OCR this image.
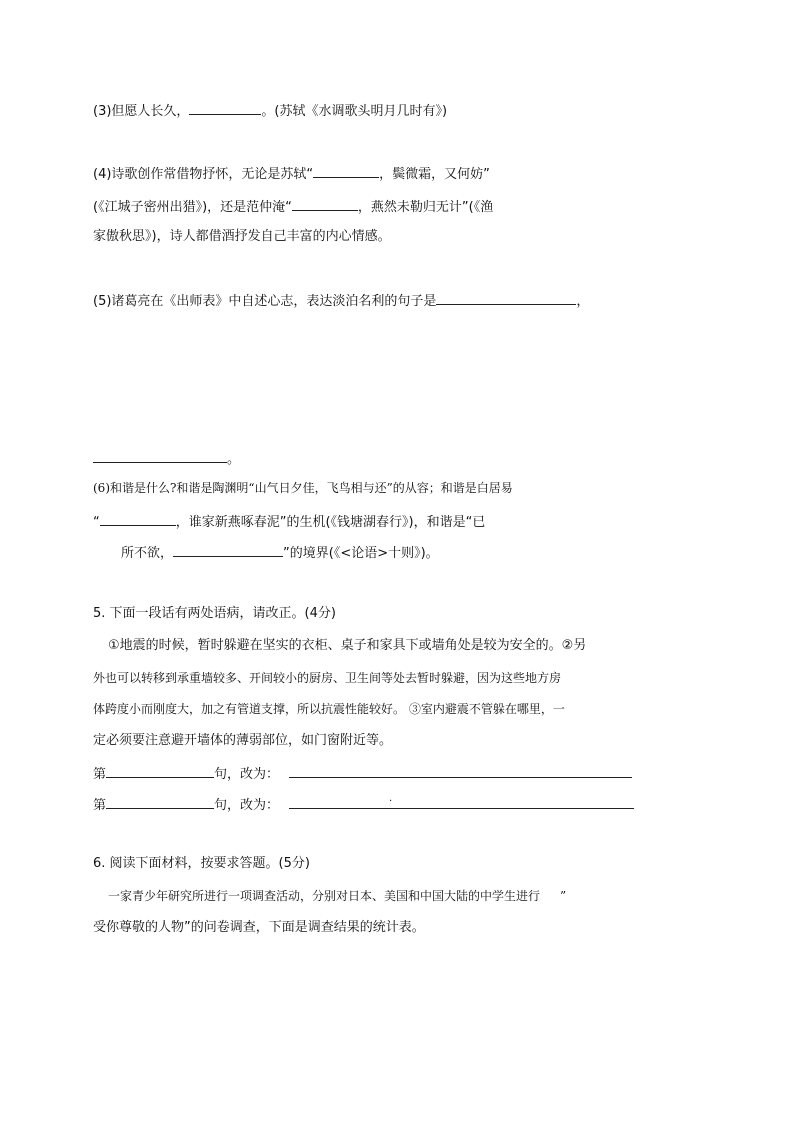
(3)但愿人长久，	。(苏轼《水调歌头明月几时有》)
(4)诗歌创作常借物抒怀，无论是苏轼“	，鬓微霜，又何妨”
(《江城子密州出猎》)，还是范仲淹“	，燕然未勒归无计”(《渔
家傲秋思》)，诗人都借酒抒发自己丰富的内心情感。
(5)诸葛亮在《出师表》中自述心志，表达淡泊名利的句子是	，
。
(6)和谐是什么?和谐是陶渊明“山气日夕佳，飞鸟相与还”的从容；和谐是白居易
“	，谁家新燕啄春泥”的生机(《钱塘湖春行》)，和谐是“已
所不欲，	”的境界(《<论语>十则》)。
5. 下面一段话有两处语病，请改正。(4分)
①地震的时候，暂时躲避在坚实的衣柜、桌子和家具下或墙角处是较为安全的。②另
外也可以转移到承重墙较多、开间较小的厨房、卫生间等处去暂时躲避，因为这些地方房
体跨度小而刚度大，加之有管道支撑，所以抗震性能较好。 ③室内避震不管躲在哪里，一
定必须要注意避开墙体的薄弱部位，如门窗附近等。
第	句，改为：
第	句，改为：	.
6. 阅读下面材料，按要求答题。(5分)
一家青少年研究所进行一项调查活动，分别对日本、美国和中国大陆的中学生进行 ”
受你尊敬的人物”的问卷调查，下面是调查结果的统计表。
